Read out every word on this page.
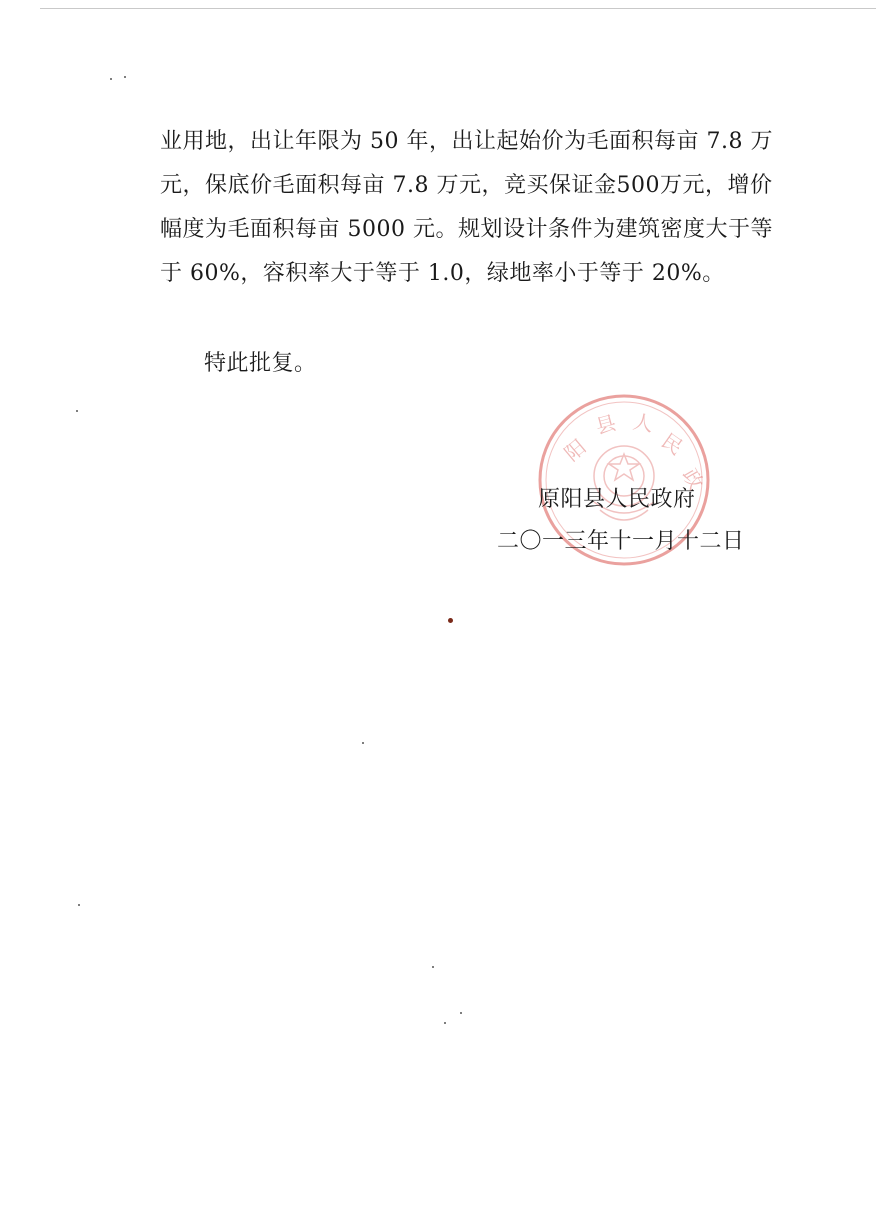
业用地，出让年限为 50 年，出让起始价为毛面积每亩 7.8 万
元，保底价毛面积每亩 7.8 万元，竞买保证金500万元，增价
幅度为毛面积每亩 5000 元。规划设计条件为建筑密度大于等
于 60%，容积率大于等于 1.0，绿地率小于等于 20%。
特此批复。
阳
县 人
民
政
原阳县人民政府
二〇一三年十一月十二日
